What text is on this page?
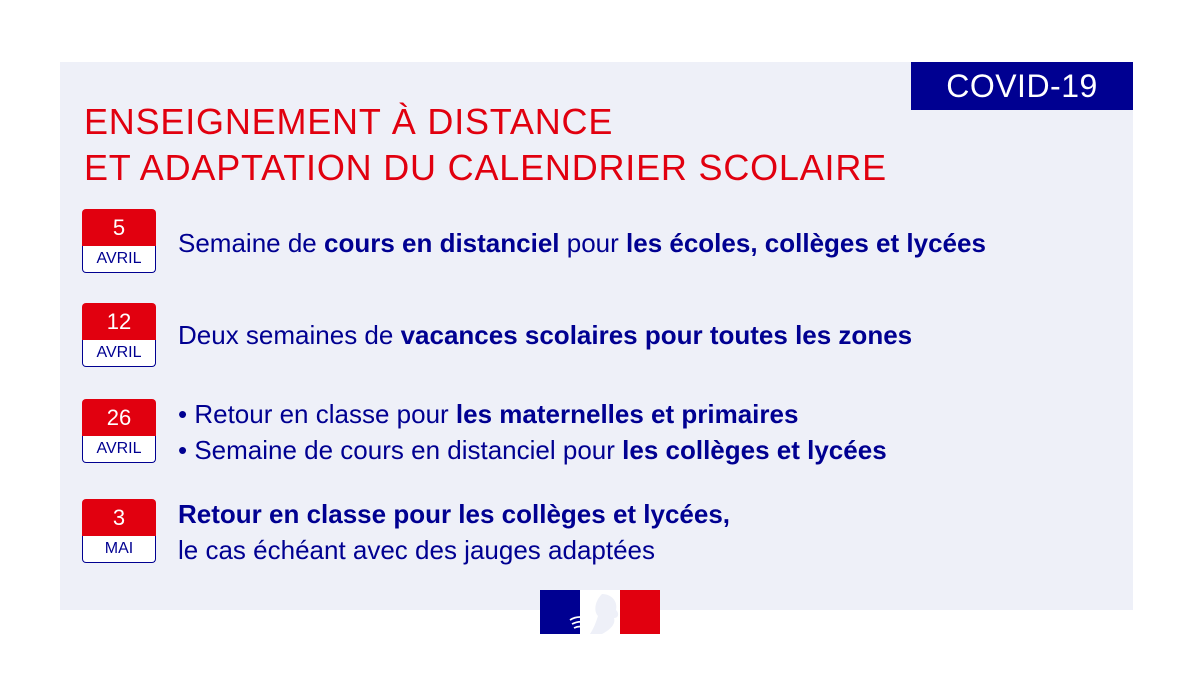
COVID-19
ENSEIGNEMENT À DISTANCE
ET ADAPTATION DU CALENDRIER SCOLAIRE
5
AVRIL
Semaine de cours en distanciel pour les écoles, collèges et lycées
12
AVRIL
Deux semaines de vacances scolaires pour toutes les zones
26
AVRIL
• Retour en classe pour les maternelles et primaires
• Semaine de cours en distanciel pour les collèges et lycées
3
MAI
Retour en classe pour les collèges et lycées,
le cas échéant avec des jauges adaptées
